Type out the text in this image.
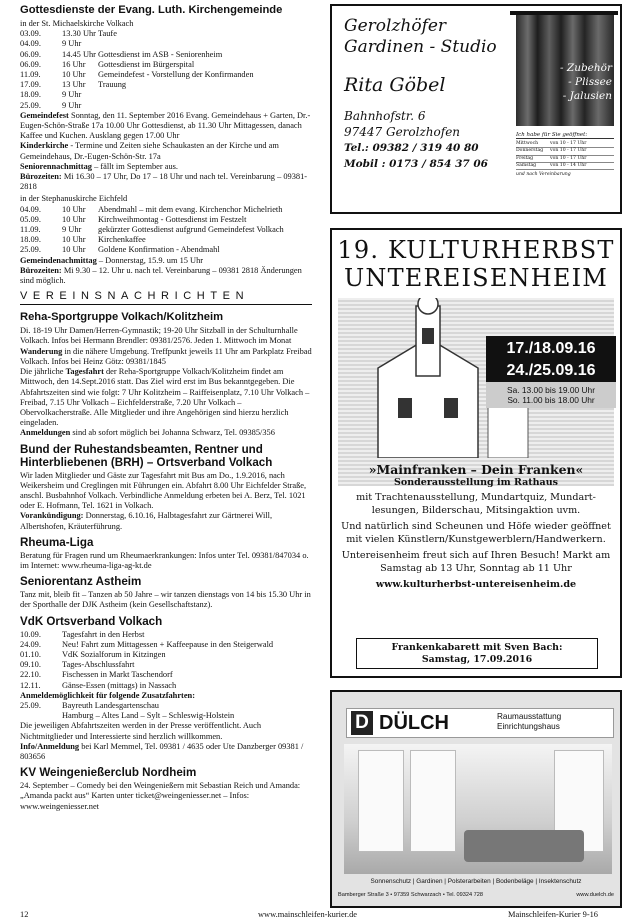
Gottesdienste der Evang. Luth. Kirchengemeinde
in der St. Michaelskirche Volkach
03.09.	13.30 Uhr Taufe
04.09.	9 Uhr
06.09.	14.45 Uhr Gottesdienst im ASB - Seniorenheim
06.09.	16 Uhr	Gottesdienst im Bürgerspital
11.09.	10 Uhr	Gemeindefest - Vorstellung der Konfirmanden
17.09.	13 Uhr	Trauung
18.09.	9 Uhr
25.09.	9 Uhr

Gemeindefest Sonntag, den 11. September 2016 Evang. Gemeindehaus + Garten, Dr.-Eugen-Schön-Straße 17a 10.00 Uhr Gottesdienst, ab 11.30 Uhr Mittagessen, danach Kaffee und Kuchen. Ausklang gegen 17.00 Uhr

Kinderkirche - Termine und Zeiten siehe Schaukasten an der Kirche und am Gemeindehaus, Dr.-Eugen-Schön-Str. 17a

Seniorennachmittag – fällt im September aus.

Bürozeiten: Mi 16.30 – 17 Uhr, Do 17 – 18 Uhr und nach tel. Vereinbarung – 09381-2818

in der Stephanuskirche Eichfeld
04.09.	10 Uhr	Abendmahl – mit dem evang. Kirchenchor Michelrieth
05.09.	10 Uhr	Kirchweihmontag - Gottesdienst im Festzelt
11.09.	9 Uhr	gekürzter Gottesdienst aufgrund Gemeindefest Volkach
18.09.	10 Uhr	Kirchenkaffee
25.09.	10 Uhr	Goldene Konfirmation - Abendmahl

Gemeindenachmittag – Donnerstag, 15.9. um 15 Uhr

Bürozeiten: Mi 9.30 – 12. Uhr u. nach tel. Vereinbarung – 09381 2818 Änderungen sind möglich.

VEREINSNACHRICHTEN
Reha-Sportgruppe Volkach/Kolitzheim

Di. 18-19 Uhr Damen/Herren-Gymnastik; 19-20 Uhr Sitzball in der Schulturnhalle Volkach. Infos bei Hermann Brendler: 09381/2576. Jeden 1. Mittwoch im Monat Wanderung in die nähere Umgebung. Treffpunkt jeweils 11 Uhr am Parkplatz Freibad Volkach. Infos bei Heinz Götz: 09381/1845

Die jährliche Tagesfahrt der Reha-Sportgruppe Volkach/Kolitzheim findet am Mittwoch, den 14.Sept.2016 statt. Das Ziel wird erst im Bus bekanntgegeben. Die Abfahrtszeiten sind wie folgt: 7 Uhr Kolitzheim – Raiffeisenplatz, 7.10 Uhr Volkach – Freibad, 7.15 Uhr Volkach – Eichfelderstraße, 7.20 Uhr Volkach – Obervolkacherstraße. Alle Mitglieder und ihre Angehörigen sind hierzu herzlich eingeladen.

Anmeldungen sind ab sofort möglich bei Johanna Schwarz, Tel. 09385/356

Bund der Ruhestandsbeamten, Rentner und Hinterbliebenen (BRH) – Ortsverband Volkach

Wir laden Mitglieder und Gäste zur Tagesfahrt mit Bus am Do., 1.9.2016, nach Weikersheim und Creglingen mit Führungen ein. Abfahrt 8.00 Uhr Eichfelder Straße, anschl. Busbahnhof Volkach. Verbindliche Anmeldung erbeten bei A. Berz, Tel. 1021 oder E. Hofmann, Tel. 1621 in Volkach.

Vorankündigung: Donnerstag, 6.10.16, Halbtagesfahrt zur Gärtnerei Will, Albertshofen, Kräuterführung.

Rheuma-Liga

Beratung für Fragen rund um Rheumaerkrankungen: Infos unter Tel. 09381/847034 o. im Internet: www.rheuma-liga-ag-kt.de

Seniorentanz Astheim

Tanz mit, bleib fit – Tanzen ab 50 Jahre – wir tanzen dienstags von 14 bis 15.30 Uhr in der Sporthalle der DJK Astheim (kein Gesellschaftstanz).

VdK Ortsverband Volkach
10.09.	Tagesfahrt in den Herbst
24.09.	Neu! Fahrt zum Mittagessen + Kaffeepause in den Steigerwald
01.10.	VdK Sozialforum in Kitzingen
09.10.	Tages-Abschlussfahrt
22.10.	Fischessen in Markt Taschendorf
12.11.	Gänse-Essen (mittags) in Nassach
Anmeldemöglichkeit für folgende Zusatzfahrten:
25.09.	Bayreuth Landesgartenschau
Hamburg – Altes Land – Sylt – Schleswig-Holstein

Die jeweiligen Abfahrtszeiten werden in der Presse veröffentlicht. Auch Nichtmitglieder und Interessierte sind herzlich willkommen.

Info/Anmeldung bei Karl Memmel, Tel. 09381 / 4635 oder Ute Danzberger 09381 / 803656

KV Weingenießerclub Nordheim

24. September – Comedy bei den Weingenießern mit Sebastian Reich und Amanda: „Amanda packt aus“ Karten unter ticket@weingeniesser.net – Infos: www.weingeniesser.net

Gerolzhöfer
Gardinen - Studio
Rita Göbel
Bahnhofstr. 6
97447 Gerolzhofen
Tel.: 09382 / 319 40 80
Mobil : 0173 / 854 37 06
- Zubehör
- Plissee
- Jalusien
Ich habe für Sie geöffnet:
Mittwoch	von 10 - 17 Uhr
Donnerstag	von 10 - 17 Uhr
Freitag	von 10 - 17 Uhr
Samstag	von 10 - 14 Uhr
und nach Vereinbarung
19. KULTURHERBST
UNTEREISENHEIM
17./18.09.16
24./25.09.16
Sa. 13.00 bis 19.00 Uhr
So. 11.00 bis 18.00 Uhr
»Mainfranken – Dein Franken«
Sonderausstellung im Rathaus
mit Trachtenausstellung, Mundartquiz, Mundart-lesungen, Bilderschau, Mitsingaktion uvm.
Und natürlich sind Scheunen und Höfe wieder geöffnet mit vielen Künstlern/Kunstgewerblern/Handwerkern.
Untereisenheim freut sich auf Ihren Besuch! Markt am Samstag ab 13 Uhr, Sonntag ab 11 Uhr
www.kulturherbst-untereisenheim.de
Frankenkabarett mit Sven Bach:
Samstag, 17.09.2016
D DÜLCH	Raumausstattung
Einrichtungshaus
Sonnenschutz | Gardinen | Polsterarbeiten | Bodenbeläge | Insektenschutz
Bamberger Straße 3 • 97359 Schwarzach • Tel. 09324 728	www.duelch.de
12	www.mainschleifen-kurier.de	Mainschleifen-Kurier 9-16
